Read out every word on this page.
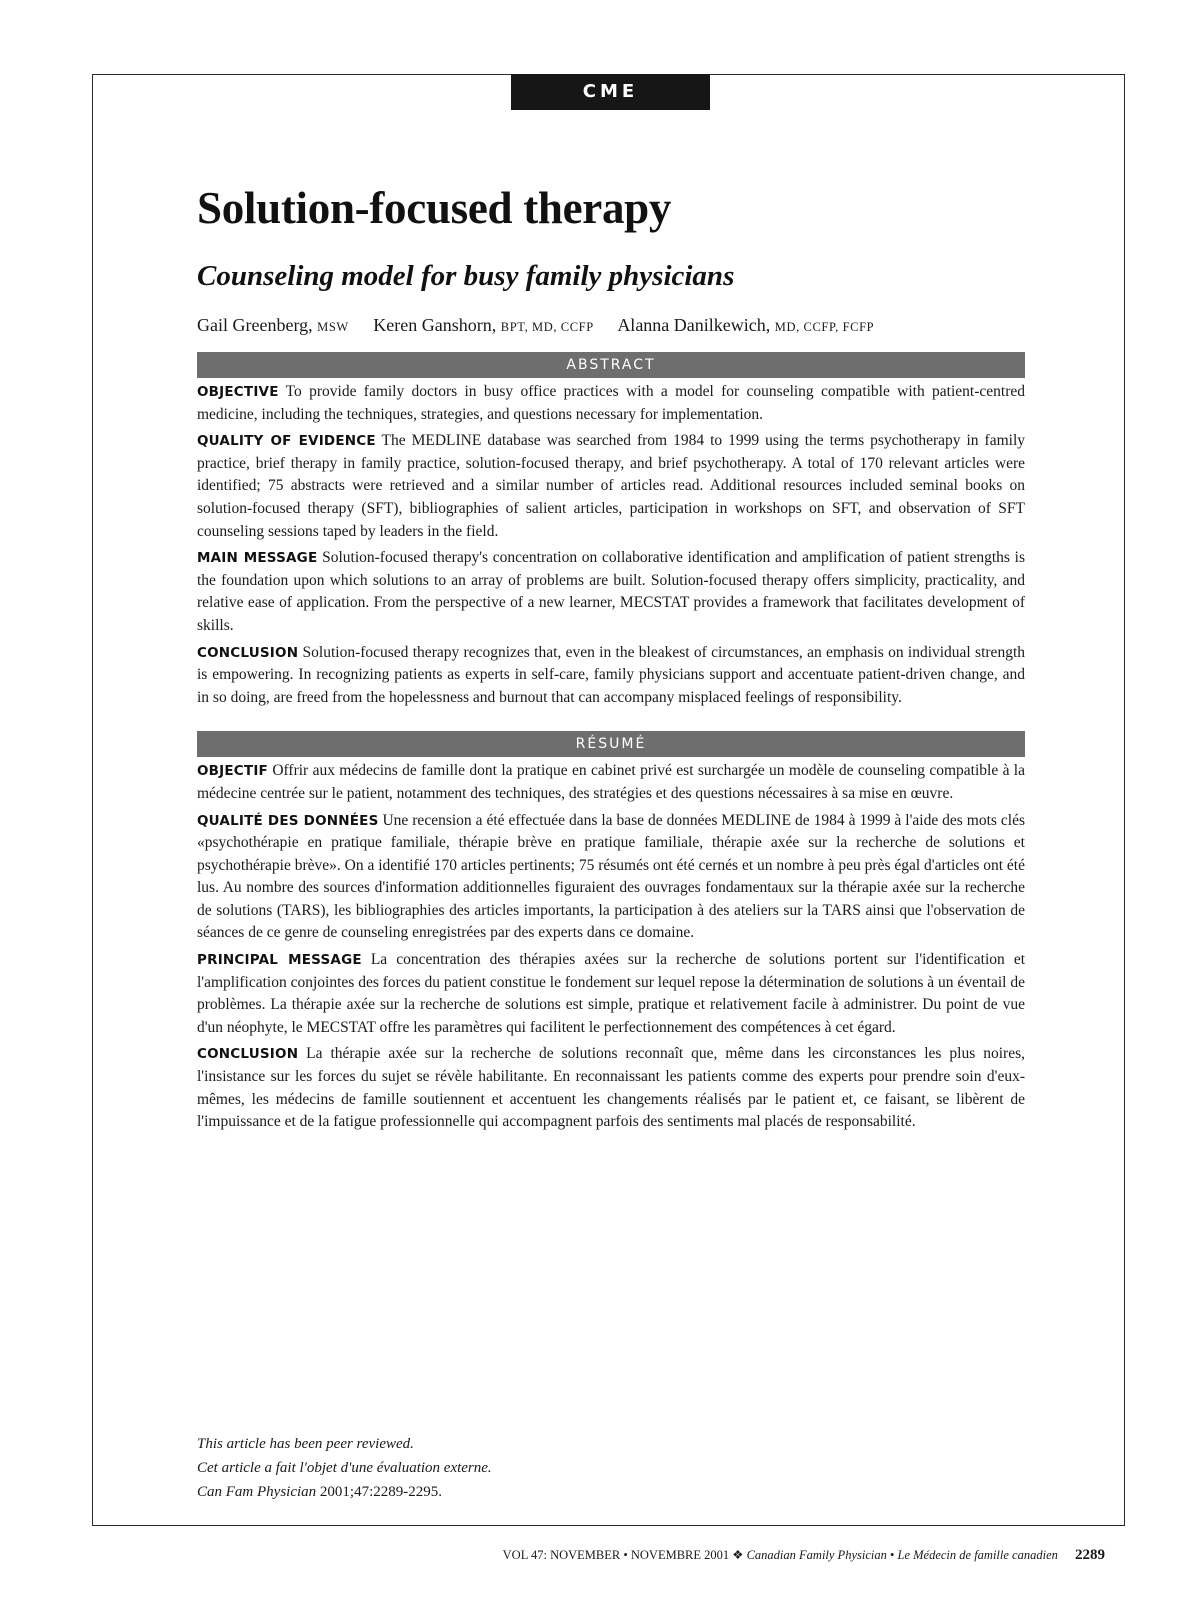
CME
Solution-focused therapy
Counseling model for busy family physicians
Gail Greenberg, MSW Keren Ganshorn, BPT, MD, CCFP Alanna Danilkewich, MD, CCFP, FCFP
ABSTRACT

OBJECTIVE To provide family doctors in busy office practices with a model for counseling compatible with patient-centred medicine, including the techniques, strategies, and questions necessary for implementation.

QUALITY OF EVIDENCE The MEDLINE database was searched from 1984 to 1999 using the terms psychotherapy in family practice, brief therapy in family practice, solution-focused therapy, and brief psychotherapy. A total of 170 relevant articles were identified; 75 abstracts were retrieved and a similar number of articles read. Additional resources included seminal books on solution-focused therapy (SFT), bibliographies of salient articles, participation in workshops on SFT, and observation of SFT counseling sessions taped by leaders in the field.

MAIN MESSAGE Solution-focused therapy's concentration on collaborative identification and amplification of patient strengths is the foundation upon which solutions to an array of problems are built. Solution-focused therapy offers simplicity, practicality, and relative ease of application. From the perspective of a new learner, MECSTAT provides a framework that facilitates development of skills.

CONCLUSION Solution-focused therapy recognizes that, even in the bleakest of circumstances, an emphasis on individual strength is empowering. In recognizing patients as experts in self-care, family physicians support and accentuate patient-driven change, and in so doing, are freed from the hopelessness and burnout that can accompany misplaced feelings of responsibility.

RÉSUMÉ

OBJECTIF Offrir aux médecins de famille dont la pratique en cabinet privé est surchargée un modèle de counseling compatible à la médecine centrée sur le patient, notamment des techniques, des stratégies et des questions nécessaires à sa mise en œuvre.

QUALITÉ DES DONNÉES Une recension a été effectuée dans la base de données MEDLINE de 1984 à 1999 à l'aide des mots clés «psychothérapie en pratique familiale, thérapie brève en pratique familiale, thérapie axée sur la recherche de solutions et psychothérapie brève». On a identifié 170 articles pertinents; 75 résumés ont été cernés et un nombre à peu près égal d'articles ont été lus. Au nombre des sources d'information additionnelles figuraient des ouvrages fondamentaux sur la thérapie axée sur la recherche de solutions (TARS), les bibliographies des articles importants, la participation à des ateliers sur la TARS ainsi que l'observation de séances de ce genre de counseling enregistrées par des experts dans ce domaine.

PRINCIPAL MESSAGE La concentration des thérapies axées sur la recherche de solutions portent sur l'identification et l'amplification conjointes des forces du patient constitue le fondement sur lequel repose la détermination de solutions à un éventail de problèmes. La thérapie axée sur la recherche de solutions est simple, pratique et relativement facile à administrer. Du point de vue d'un néophyte, le MECSTAT offre les paramètres qui facilitent le perfectionnement des compétences à cet égard.

CONCLUSION La thérapie axée sur la recherche de solutions reconnaît que, même dans les circonstances les plus noires, l'insistance sur les forces du sujet se révèle habilitante. En reconnaissant les patients comme des experts pour prendre soin d'eux-mêmes, les médecins de famille soutiennent et accentuent les changements réalisés par le patient et, ce faisant, se libèrent de l'impuissance et de la fatigue professionnelle qui accompagnent parfois des sentiments mal placés de responsabilité.

This article has been peer reviewed.
Cet article a fait l'objet d'une évaluation externe.
Can Fam Physician 2001;47:2289-2295.
VOL 47: NOVEMBER • NOVEMBRE 2001 ❖ Canadian Family Physician • Le Médecin de famille canadien 2289
